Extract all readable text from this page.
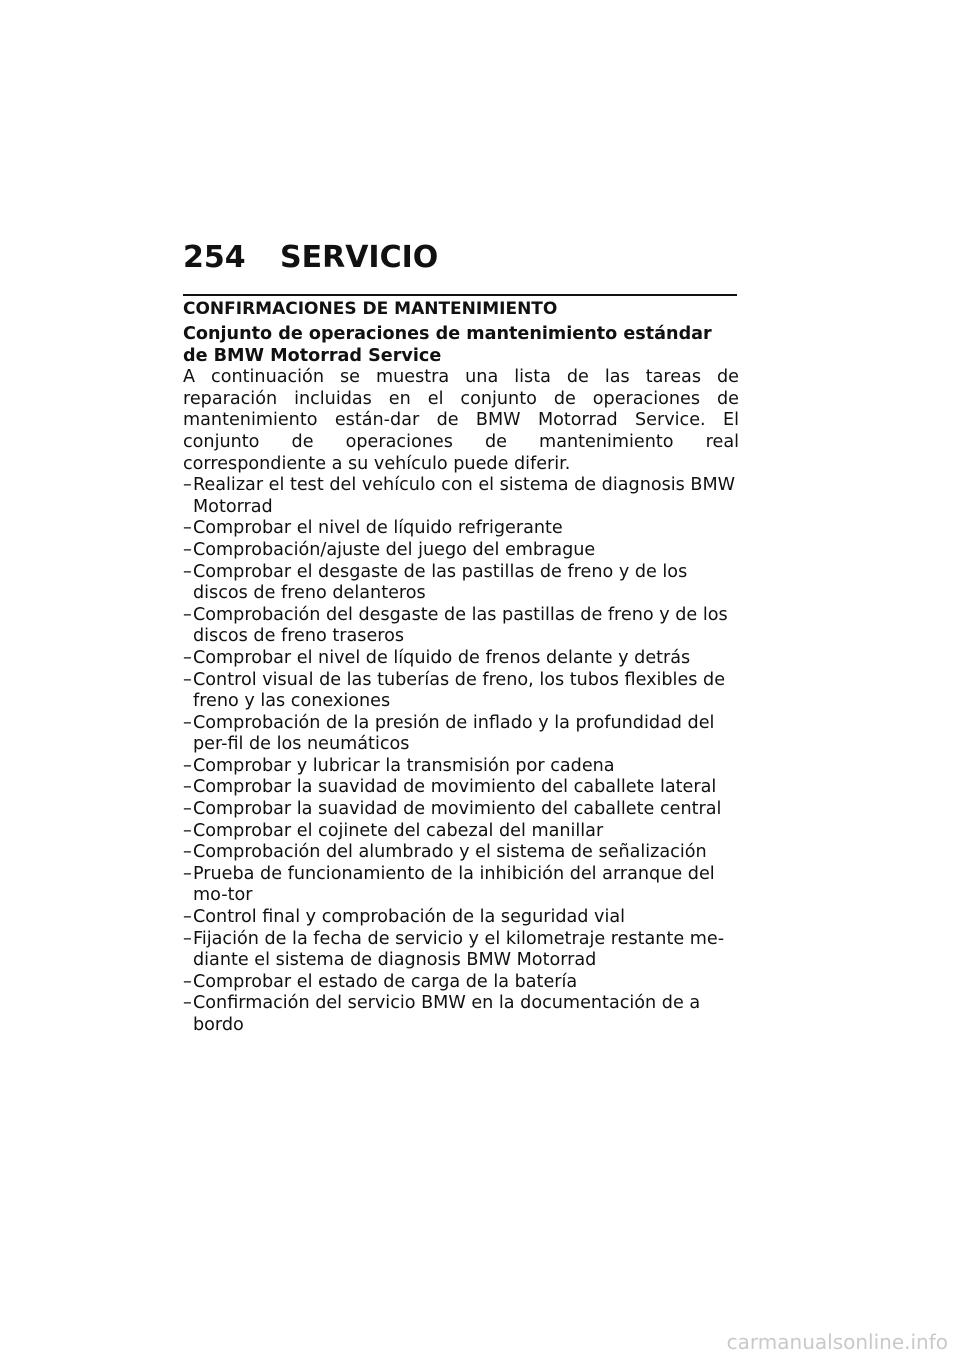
254	SERVICIO
CONFIRMACIONES DE MANTENIMIENTO
Conjunto de operaciones de mantenimiento estándar de BMW Motorrad Service
A continuación se muestra una lista de las tareas de reparación incluidas en el conjunto de operaciones de mantenimiento están-dar de BMW Motorrad Service. El conjunto de operaciones de mantenimiento real correspondiente a su vehículo puede diferir.
– Realizar el test del vehículo con el sistema de diagnosis BMW Motorrad
– Comprobar el nivel de líquido refrigerante
– Comprobación/ajuste del juego del embrague
– Comprobar el desgaste de las pastillas de freno y de los discos de freno delanteros
– Comprobación del desgaste de las pastillas de freno y de los discos de freno traseros
– Comprobar el nivel de líquido de frenos delante y detrás
– Control visual de las tuberías de freno, los tubos flexibles de freno y las conexiones
– Comprobación de la presión de inflado y la profundidad del per-fil de los neumáticos
– Comprobar y lubricar la transmisión por cadena
– Comprobar la suavidad de movimiento del caballete lateral
– Comprobar la suavidad de movimiento del caballete central
– Comprobar el cojinete del cabezal del manillar
– Comprobación del alumbrado y el sistema de señalización
– Prueba de funcionamiento de la inhibición del arranque del mo-tor
– Control final y comprobación de la seguridad vial
– Fijación de la fecha de servicio y el kilometraje restante me-diante el sistema de diagnosis BMW Motorrad
– Comprobar el estado de carga de la batería
– Confirmación del servicio BMW en la documentación de a bordo
carmanualsonline.info
